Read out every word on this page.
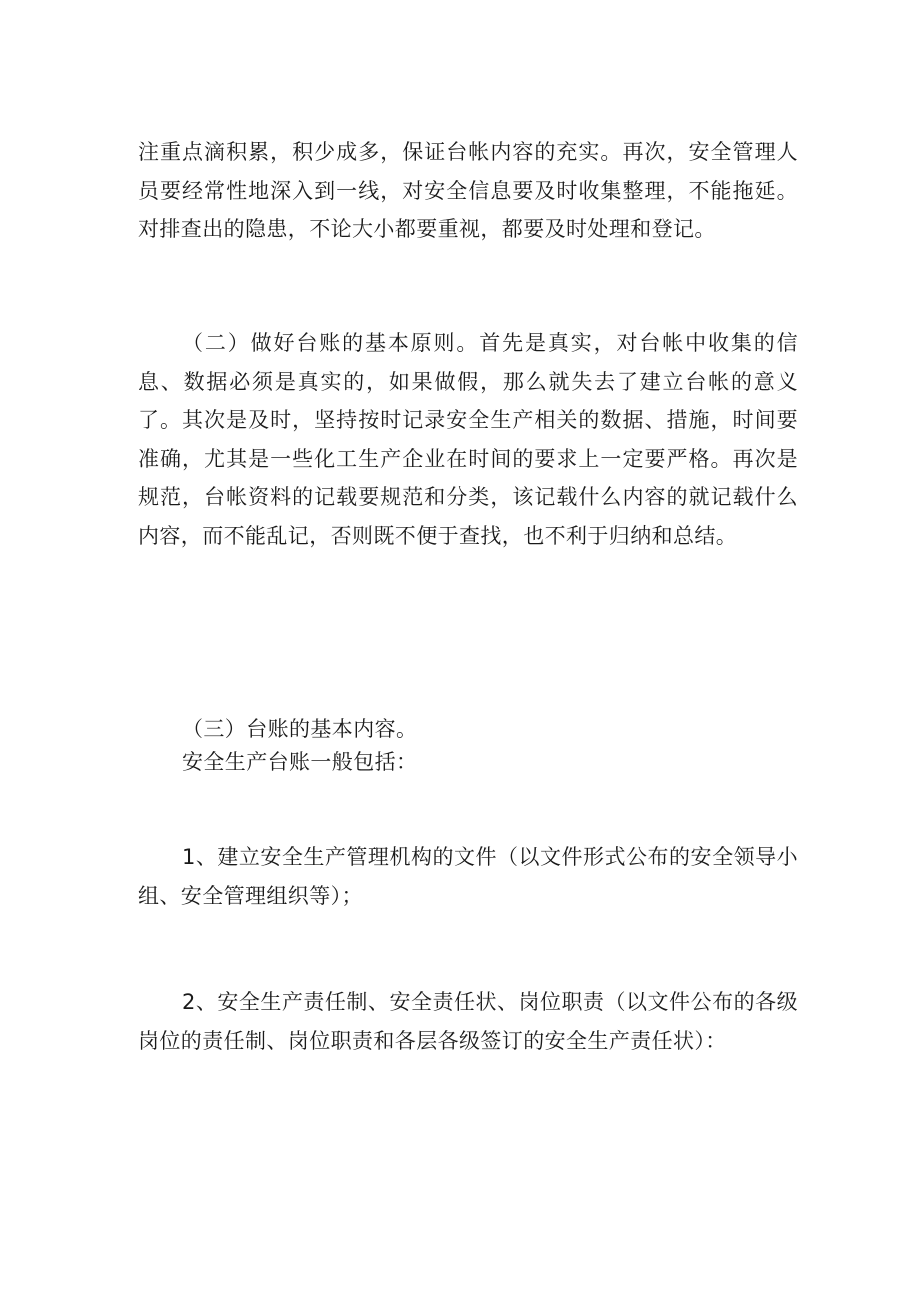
注重点滴积累，积少成多，保证台帐内容的充实。再次，安全管理人员要经常性地深入到一线，对安全信息要及时收集整理，不能拖延。对排查出的隐患，不论大小都要重视，都要及时处理和登记。

（二）做好台账的基本原则。首先是真实，对台帐中收集的信息、数据必须是真实的，如果做假，那么就失去了建立台帐的意义了。其次是及时，坚持按时记录安全生产相关的数据、措施，时间要准确，尤其是一些化工生产企业在时间的要求上一定要严格。再次是规范，台帐资料的记载要规范和分类，该记载什么内容的就记载什么内容，而不能乱记，否则既不便于查找，也不利于归纳和总结。

（三）台账的基本内容。

安全生产台账一般包括：

1、建立安全生产管理机构的文件（以文件形式公布的安全领导小组、安全管理组织等）；

2、安全生产责任制、安全责任状、岗位职责（以文件公布的各级岗位的责任制、岗位职责和各层各级签订的安全生产责任状）：
